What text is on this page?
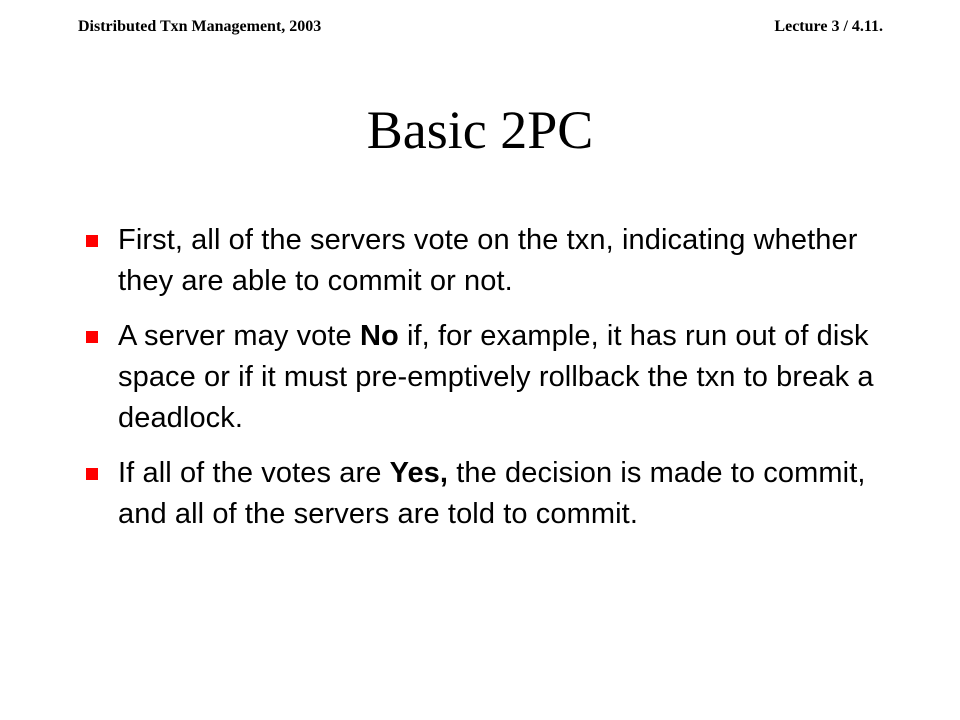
Distributed Txn Management, 2003	Lecture 3 / 4.11.
Basic 2PC
First, all of the servers vote on the txn, indicating whether they are able to commit or not.
A server may vote No if, for example, it has run out of disk space or if it must pre-emptively rollback the txn to break a deadlock.
If all of the votes are Yes, the decision is made to commit, and all of the servers are told to commit.
